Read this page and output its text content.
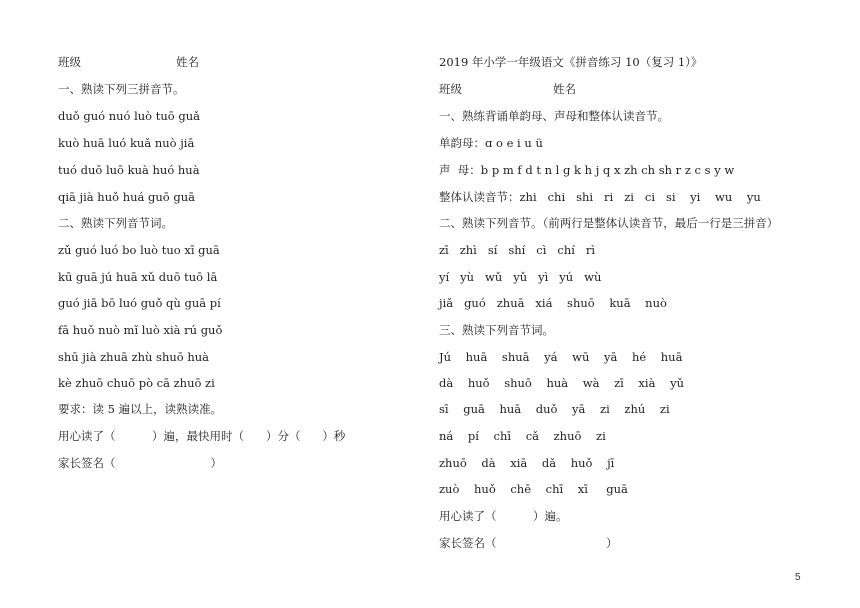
班级	姓名
一、熟读下列三拼音节。
duǒ guó nuó luò tuō guǎ
kuò huā luó kuǎ nuò jiā
tuó duō luō kuà huó huà
qiā jià huǒ huá guō guā
二、熟读下列音节词。
zǔ guó luó bo luò tuo xī guā
kū guā jú huā xǔ duō tuō lā
guó jiā bō luó guǒ qù guā pí
fā huǒ nuò mǐ luò xià rú guǒ
shū jià zhuā zhù shuō huà
kè zhuō chuō pò cā zhuō zi
要求：读 5 遍以上，读熟读准。
用心读了（          ）遍，最快用时（      ）分（      ）秒
家长签名（                          ）
2019 年小学一年级语文《拼音练习 10（复习 1）》
班级	姓名
一、熟练背诵单韵母、声母和整体认读音节。
单韵母：ɑ o e i u ü
声  母：b p m f d t n l g k h j q x zh ch sh r z c s y w
整体认读音节：zhi   chi   shi   ri   zi   ci   si    yi    wu    yu
二、熟读下列音节。（前两行是整体认读音节，最后一行是三拼音）
zī   zhì   sí   shí   cì   chí   rì
yí   yù   wǔ   yǔ   yì   yú   wù
jiǎ   guó   zhuā   xiá    shuō    kuā    nuò
三、熟读下列音节词。
Jú    huā    shuā    yá    wū    yā    hé    huā
dà    huǒ    shuō    huà    wà    zī    xià    yǔ
sī    guā    huā    duǒ    yā    zi    zhú    zi
ná    pí    chī    cǎ    zhuō    zi
zhuō    dà    xiā    dǎ    huǒ    jī
zuò    huǒ    chē    chī    xī     guā
用心读了（          ）遍。
家长签名（                              ）
5
